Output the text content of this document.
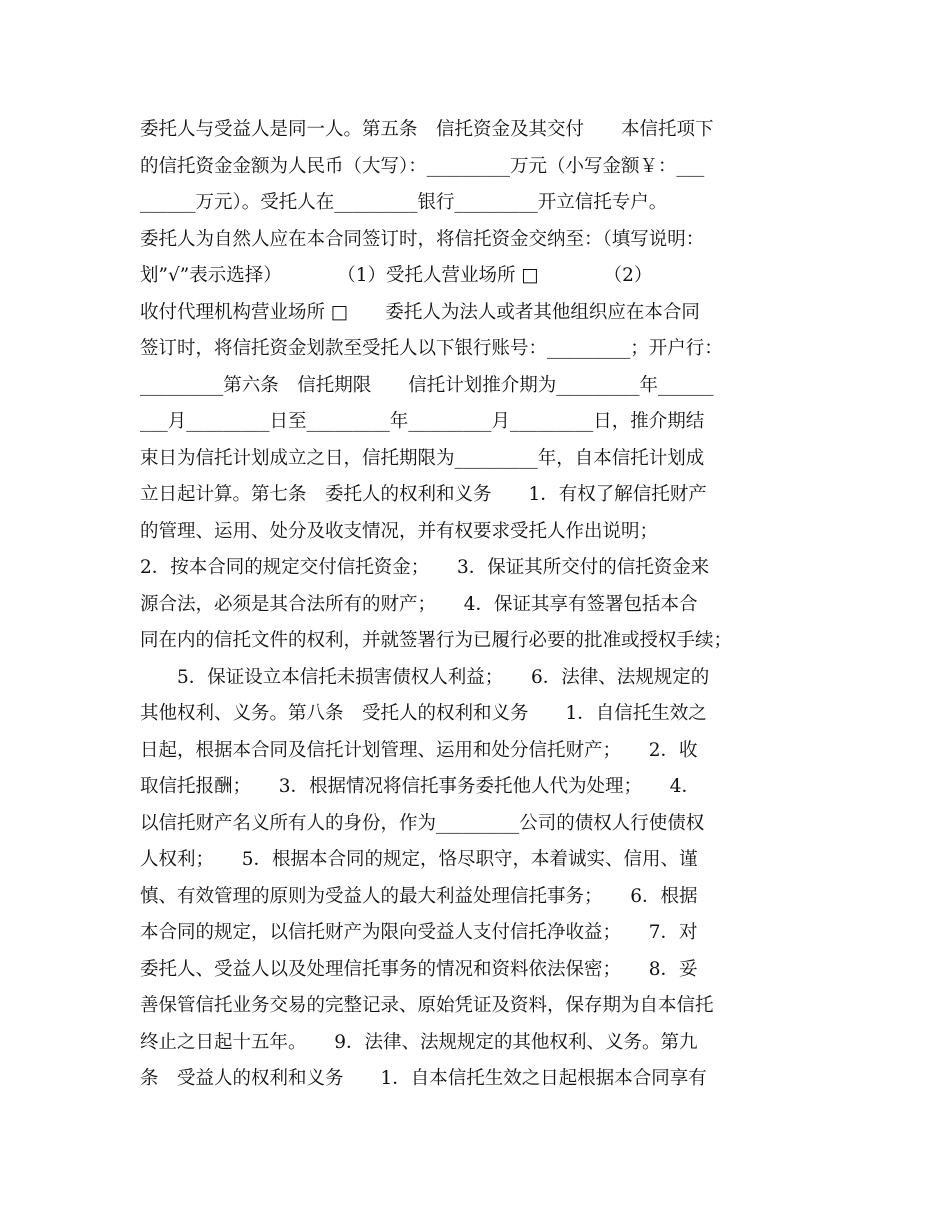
委托人与受益人是同一人。第五条　信托资金及其交付　　本信托项下
的信托资金金额为人民币（大写）：_________万元（小写金额￥：___
______万元）。受托人在_________银行_________开立信托专户。
委托人为自然人应在本合同签订时，将信托资金交纳至：（填写说明：
划”√”表示选择）　　　　（1）受托人营业场所 □　　　　（2）
收付代理机构营业场所 □　　委托人为法人或者其他组织应在本合同
签订时，将信托资金划款至受托人以下银行账号：_________；开户行：
_________第六条　信托期限　　信托计划推介期为_________年______
___月_________日至_________年_________月_________日，推介期结
束日为信托计划成立之日，信托期限为_________年，自本信托计划成
立日起计算。第七条　委托人的权利和义务　　1．有权了解信托财产
的管理、运用、处分及收支情况，并有权要求受托人作出说明；
2．按本合同的规定交付信托资金；　　3．保证其所交付的信托资金来
源合法，必须是其合法所有的财产；　　4．保证其享有签署包括本合
同在内的信托文件的权利，并就签署行为已履行必要的批准或授权手续；
　　5．保证设立本信托未损害债权人利益；　　6．法律、法规规定的
其他权利、义务。第八条　受托人的权利和义务　　1．自信托生效之
日起，根据本合同及信托计划管理、运用和处分信托财产；　　2．收
取信托报酬；　　3．根据情况将信托事务委托他人代为处理；　　4．
以信托财产名义所有人的身份，作为_________公司的债权人行使债权
人权利；　　5．根据本合同的规定，恪尽职守，本着诚实、信用、谨
慎、有效管理的原则为受益人的最大利益处理信托事务；　　6．根据
本合同的规定，以信托财产为限向受益人支付信托净收益；　　7．对
委托人、受益人以及处理信托事务的情况和资料依法保密；　　8．妥
善保管信托业务交易的完整记录、原始凭证及资料，保存期为自本信托
终止之日起十五年。　　9．法律、法规规定的其他权利、义务。第九
条　受益人的权利和义务　　1．自本信托生效之日起根据本合同享有
